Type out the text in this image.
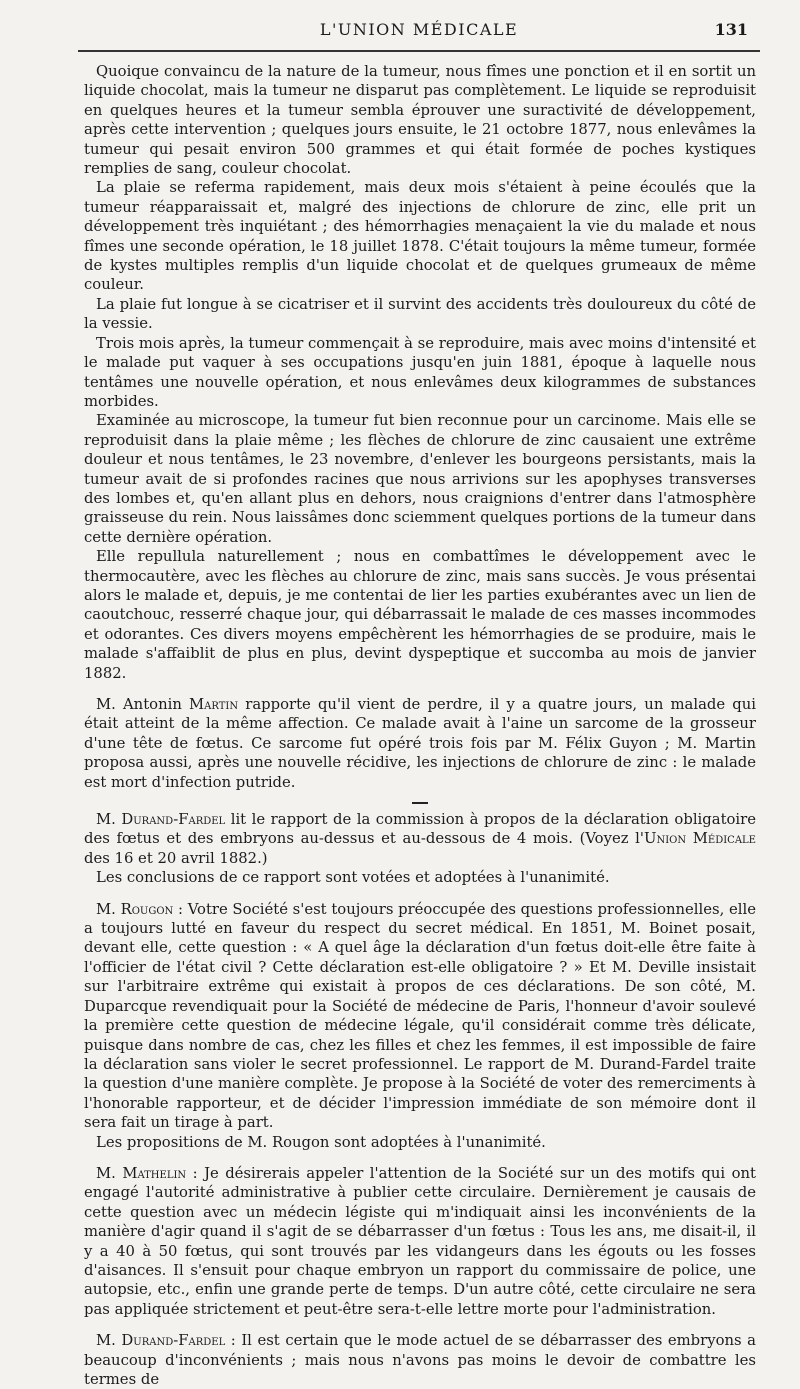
L'UNION MÉDICALE	131

Quoique convaincu de la nature de la tumeur, nous fîmes une ponction et il en sortit un liquide chocolat, mais la tumeur ne disparut pas complètement. Le liquide se reproduisit en quelques heures et la tumeur sembla éprouver une suractivité de développement, après cette intervention ; quelques jours ensuite, le 21 octobre 1877, nous enlevâmes la tumeur qui pesait environ 500 grammes et qui était formée de poches kystiques remplies de sang, couleur chocolat.

La plaie se referma rapidement, mais deux mois s'étaient à peine écoulés que la tumeur réapparaissait et, malgré des injections de chlorure de zinc, elle prit un développement très inquiétant ; des hémorrhagies menaçaient la vie du malade et nous fîmes une seconde opération, le 18 juillet 1878. C'était toujours la même tumeur, formée de kystes multiples remplis d'un liquide chocolat et de quelques grumeaux de même couleur.

La plaie fut longue à se cicatriser et il survint des accidents très douloureux du côté de la vessie.

Trois mois après, la tumeur commençait à se reproduire, mais avec moins d'intensité et le malade put vaquer à ses occupations jusqu'en juin 1881, époque à laquelle nous tentâmes une nouvelle opération, et nous enlevâmes deux kilogrammes de substances morbides.

Examinée au microscope, la tumeur fut bien reconnue pour un carcinome. Mais elle se reproduisit dans la plaie même ; les flèches de chlorure de zinc causaient une extrême douleur et nous tentâmes, le 23 novembre, d'enlever les bourgeons persistants, mais la tumeur avait de si profondes racines que nous arrivions sur les apophyses transverses des lombes et, qu'en allant plus en dehors, nous craignions d'entrer dans l'atmosphère graisseuse du rein. Nous laissâmes donc sciemment quelques portions de la tumeur dans cette dernière opération.

Elle repullula naturellement ; nous en combattîmes le développement avec le thermocautère, avec les flèches au chlorure de zinc, mais sans succès. Je vous présentai alors le malade et, depuis, je me contentai de lier les parties exubérantes avec un lien de caoutchouc, resserré chaque jour, qui débarrassait le malade de ces masses incommodes et odorantes. Ces divers moyens empêchèrent les hémorrhagies de se produire, mais le malade s'affaiblit de plus en plus, devint dyspeptique et succomba au mois de janvier 1882.

M. Antonin Martin rapporte qu'il vient de perdre, il y a quatre jours, un malade qui était atteint de la même affection. Ce malade avait à l'aine un sarcome de la grosseur d'une tête de fœtus. Ce sarcome fut opéré trois fois par M. Félix Guyon ; M. Martin proposa aussi, après une nouvelle récidive, les injections de chlorure de zinc : le malade est mort d'infection putride.

M. Durand-Fardel lit le rapport de la commission à propos de la déclaration obligatoire des fœtus et des embryons au-dessus et au-dessous de 4 mois. (Voyez l'Union Médicale des 16 et 20 avril 1882.)

Les conclusions de ce rapport sont votées et adoptées à l'unanimité.

M. Rougon : Votre Société s'est toujours préoccupée des questions professionnelles, elle a toujours lutté en faveur du respect du secret médical. En 1851, M. Boinet posait, devant elle, cette question : « A quel âge la déclaration d'un fœtus doit-elle être faite à l'officier de l'état civil ? Cette déclaration est-elle obligatoire ? » Et M. Deville insistait sur l'arbitraire extrême qui existait à propos de ces déclarations. De son côté, M. Duparcque revendiquait pour la Société de médecine de Paris, l'honneur d'avoir soulevé la première cette question de médecine légale, qu'il considérait comme très délicate, puisque dans nombre de cas, chez les filles et chez les femmes, il est impossible de faire la déclaration sans violer le secret professionnel. Le rapport de M. Durand-Fardel traite la question d'une manière complète. Je propose à la Société de voter des remerciments à l'honorable rapporteur, et de décider l'impression immédiate de son mémoire dont il sera fait un tirage à part.

Les propositions de M. Rougon sont adoptées à l'unanimité.

M. Mathelin : Je désirerais appeler l'attention de la Société sur un des motifs qui ont engagé l'autorité administrative à publier cette circulaire. Dernièrement je causais de cette question avec un médecin légiste qui m'indiquait ainsi les inconvénients de la manière d'agir quand il s'agit de se débarrasser d'un fœtus : Tous les ans, me disait-il, il y a 40 à 50 fœtus, qui sont trouvés par les vidangeurs dans les égouts ou les fosses d'aisances. Il s'ensuit pour chaque embryon un rapport du commissaire de police, une autopsie, etc., enfin une grande perte de temps. D'un autre côté, cette circulaire ne sera pas appliquée strictement et peut-être sera-t-elle lettre morte pour l'administration.

M. Durand-Fardel : Il est certain que le mode actuel de se débarrasser des embryons a beaucoup d'inconvénients ; mais nous n'avons pas moins le devoir de combattre les termes de
